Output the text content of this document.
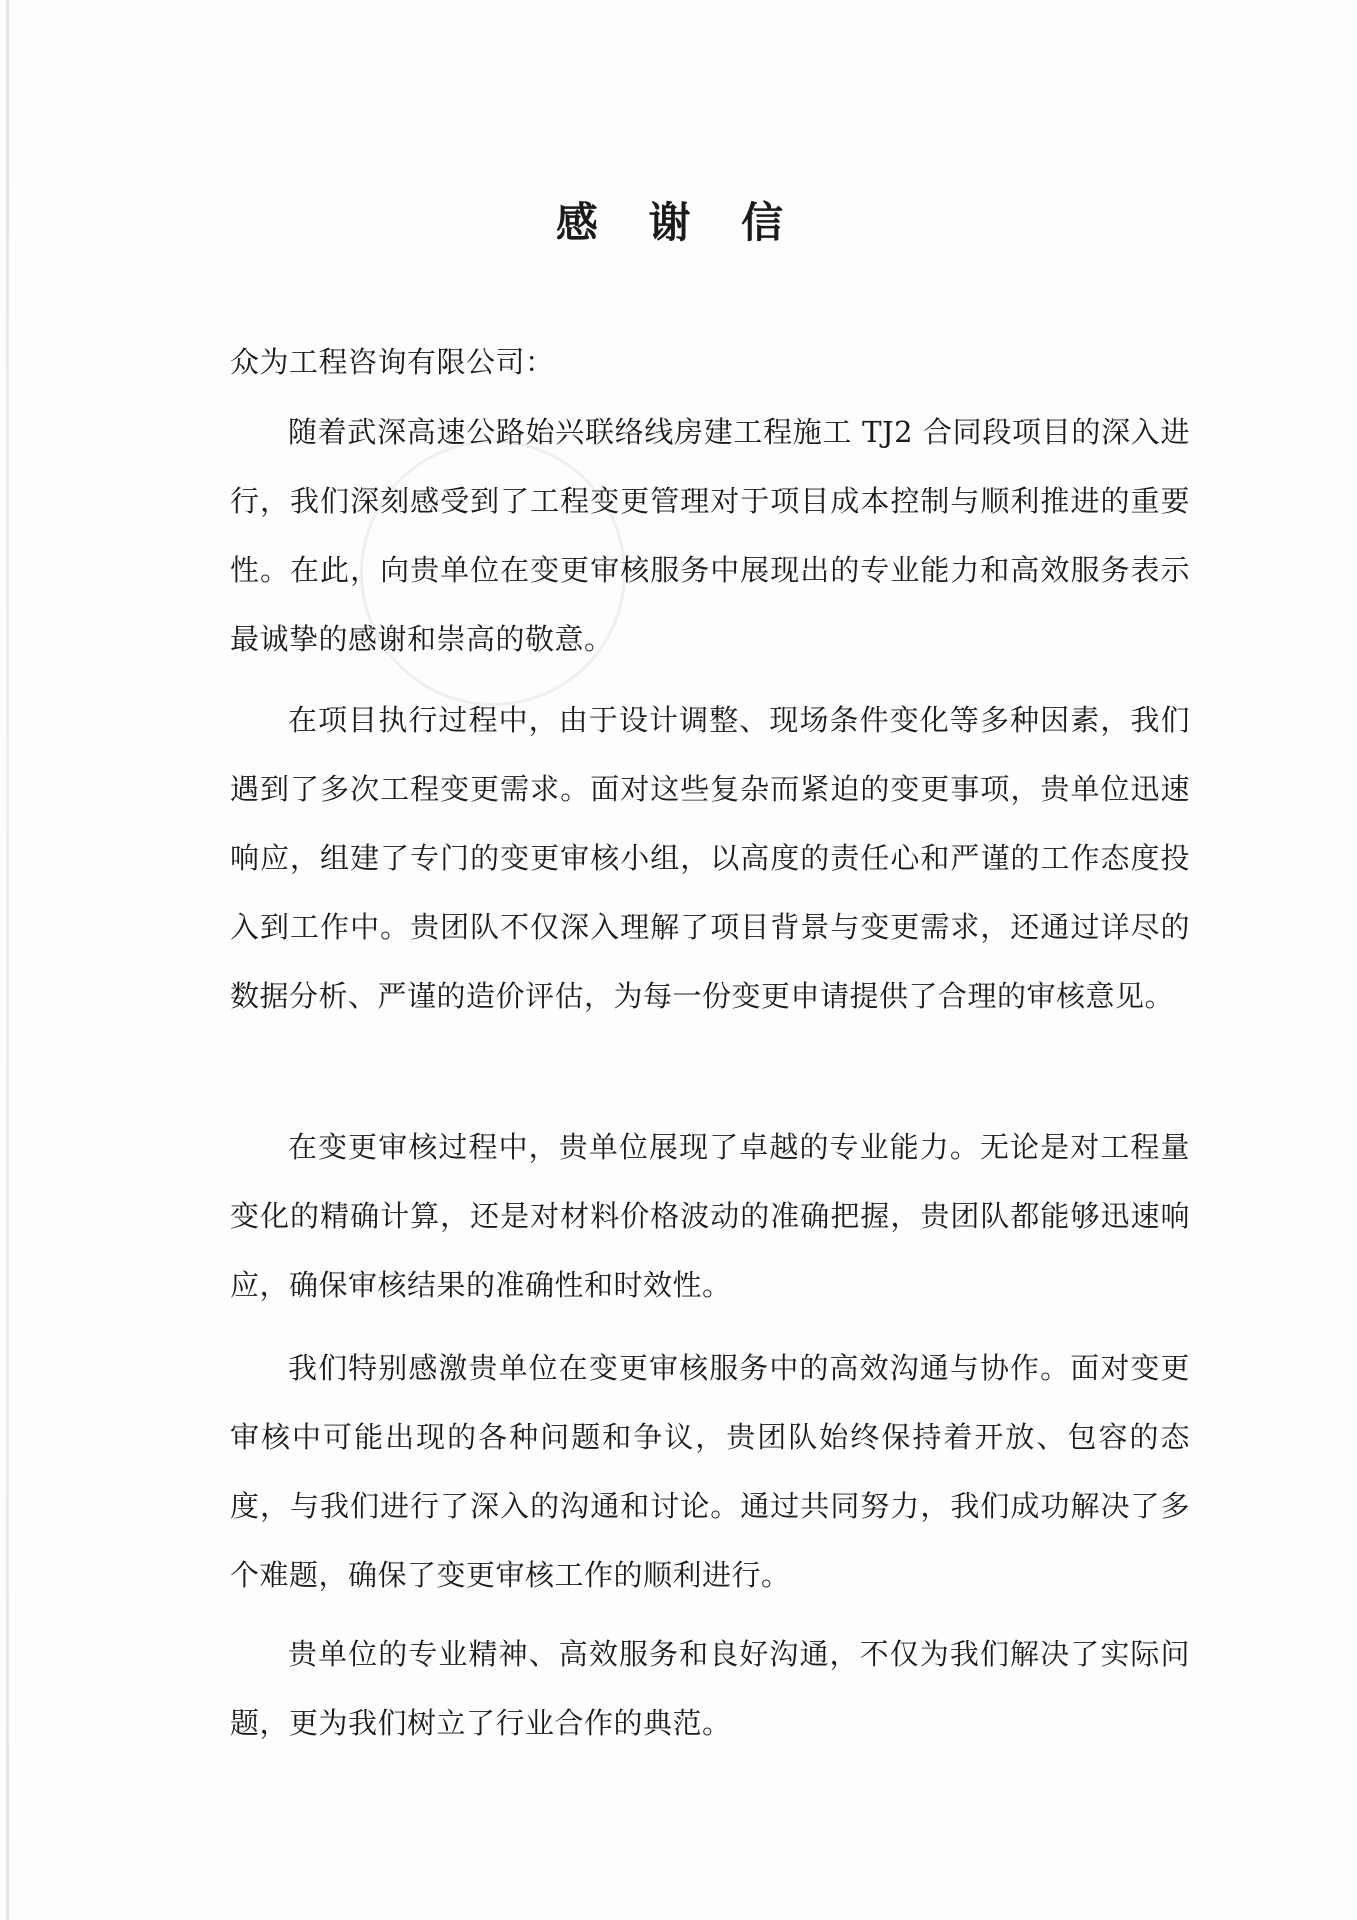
感 谢 信
众为工程咨询有限公司：
随着武深高速公路始兴联络线房建工程施工 TJ2 合同段项目的深入进行，我们深刻感受到了工程变更管理对于项目成本控制与顺利推进的重要性。在此，向贵单位在变更审核服务中展现出的专业能力和高效服务表示最诚挚的感谢和崇高的敬意。
在项目执行过程中，由于设计调整、现场条件变化等多种因素，我们遇到了多次工程变更需求。面对这些复杂而紧迫的变更事项，贵单位迅速响应，组建了专门的变更审核小组，以高度的责任心和严谨的工作态度投入到工作中。贵团队不仅深入理解了项目背景与变更需求，还通过详尽的数据分析、严谨的造价评估，为每一份变更申请提供了合理的审核意见。
在变更审核过程中，贵单位展现了卓越的专业能力。无论是对工程量变化的精确计算，还是对材料价格波动的准确把握，贵团队都能够迅速响应，确保审核结果的准确性和时效性。
我们特别感激贵单位在变更审核服务中的高效沟通与协作。面对变更审核中可能出现的各种问题和争议，贵团队始终保持着开放、包容的态度，与我们进行了深入的沟通和讨论。通过共同努力，我们成功解决了多个难题，确保了变更审核工作的顺利进行。
贵单位的专业精神、高效服务和良好沟通，不仅为我们解决了实际问题，更为我们树立了行业合作的典范。
